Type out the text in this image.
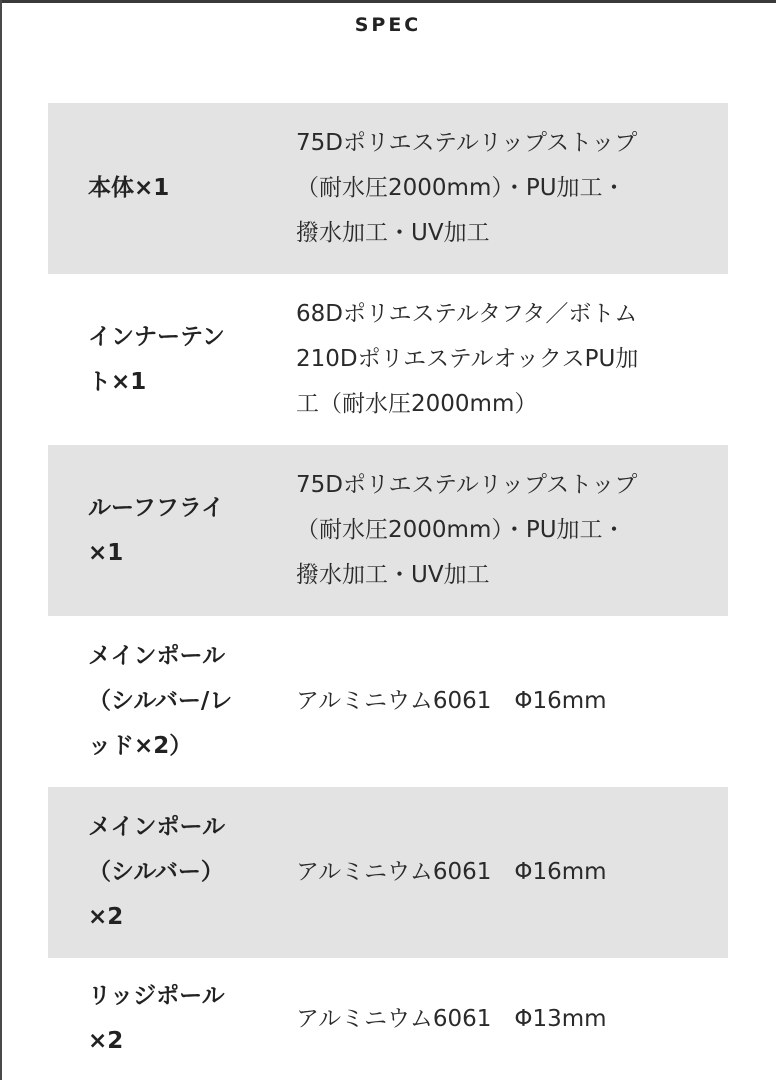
SPEC
本体×1
75Dポリエステルリップストップ
（耐水圧2000mm）・PU加工・
撥水加工・UV加工
インナーテン
ト×1
68Dポリエステルタフタ／ボトム
210DポリエステルオックスPU加
工（耐水圧2000mm）
ルーフフライ
×1
75Dポリエステルリップストップ
（耐水圧2000mm）・PU加工・
撥水加工・UV加工
メインポール
（シルバー/レ
ッド×2）
アルミニウム6061　Φ16mm
メインポール
（シルバー）
×2
アルミニウム6061　Φ16mm
リッジポール
×2
アルミニウム6061　Φ13mm
